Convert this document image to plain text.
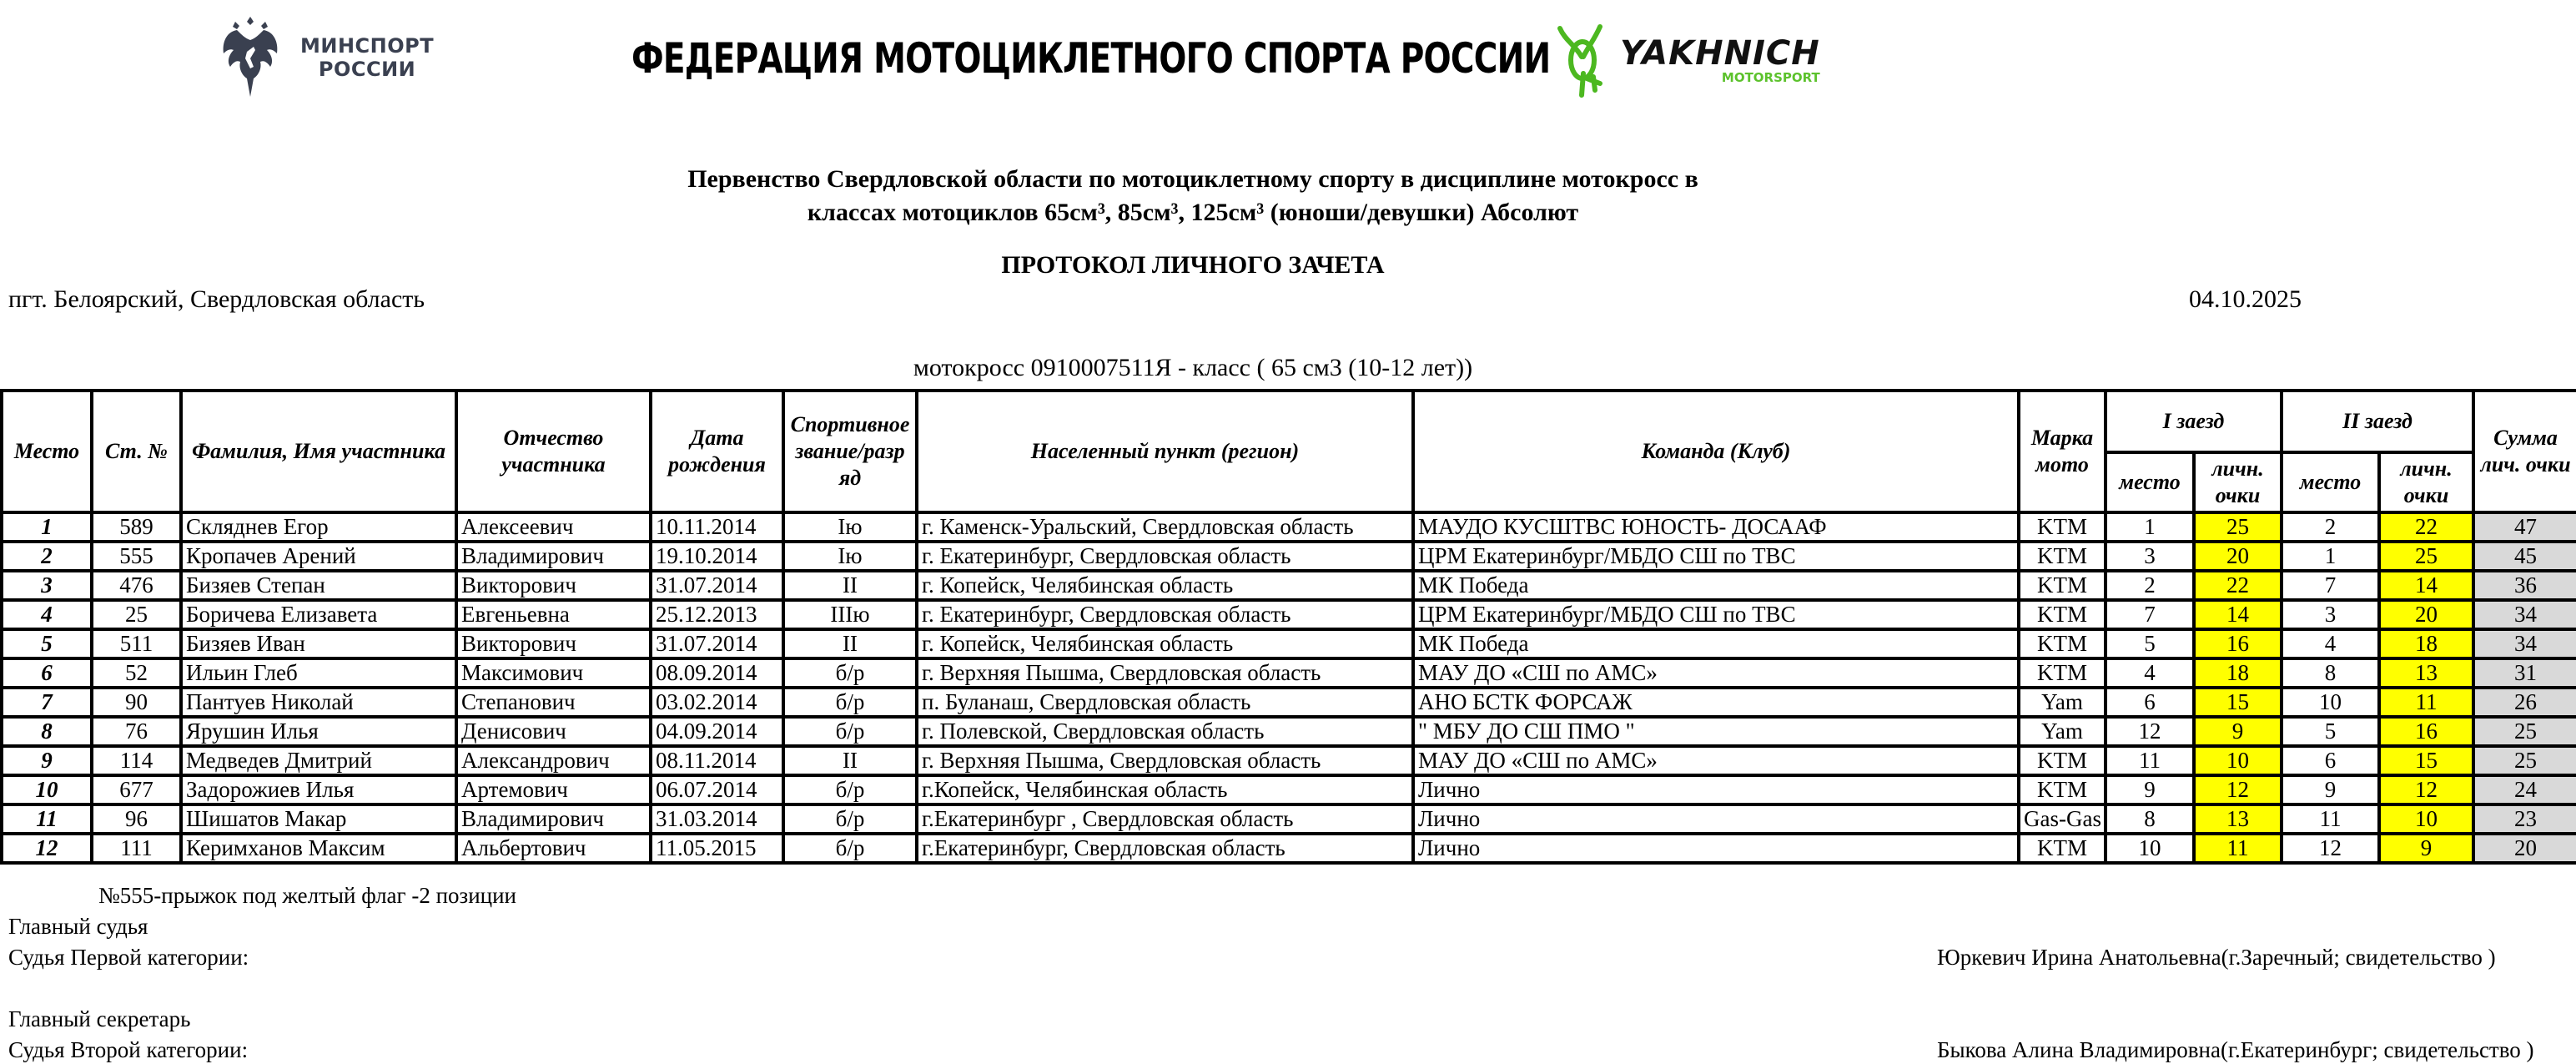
МИНСПОРТ
РОССИИ	ФЕДЕРАЦИЯ МОТОЦИКЛЕТНОГО СПОРТА РОССИИ YAKHNICH
MOTORSPORT
Первенство Свердловской области по мотоциклетному спорту в дисциплине мотокросс в
классах мотоциклов 65см³, 85см³, 125см³ (юноши/девушки) Абсолют
ПРОТОКОЛ ЛИЧНОГО ЗАЧЕТА
пгт. Белоярский, Свердловская область	04.10.2025
мотокросс 0910007511Я - класс ( 65 см3 (10-12 лет))
Место	Ст. №	Фамилия, Имя участника	Отчество участника	Дата рождения	Спортивное звание/разр яд	Населенный пункт (регион)	Команда (Клуб)	Марка мото	I заезд		II заезд		Сумма лич. очки
									место	личн. очки	место	личн. очки	
1	589	Скляднев Егор	Алексеевич	10.11.2014	Iю	г. Каменск-Уральский, Свердловская область	МАУДО КУСШТВС ЮНОСТЬ- ДОСААФ	KTM	1	25	2	22	47
2	555	Кропачев Арений	Владимирович	19.10.2014	Iю	г. Екатеринбург, Свердловская область	ЦРМ Екатеринбург/МБДО СШ по ТВС	KTM	3	20	1	25	45
3	476	Бизяев Степан	Викторович	31.07.2014	II	г. Копейск, Челябинская область	МК Победа	KTM	2	22	7	14	36
4	25	Боричева Елизавета	Евгеньевна	25.12.2013	IIIю	г. Екатеринбург, Свердловская область	ЦРМ Екатеринбург/МБДО СШ по ТВС	KTM	7	14	3	20	34
5	511	Бизяев Иван	Викторович	31.07.2014	II	г. Копейск, Челябинская область	МК Победа	KTM	5	16	4	18	34
6	52	Ильин Глеб	Максимович	08.09.2014	б/р	г. Верхняя Пышма, Свердловская область	МАУ ДО «СШ по АМС»	KTM	4	18	8	13	31
7	90	Пантуев Николай	Степанович	03.02.2014	б/р	п. Буланаш, Свердловская область	АНО БСТК ФОРСАЖ	Yam	6	15	10	11	26
8	76	Ярушин Илья	Денисович	04.09.2014	б/р	г. Полевской, Свердловская область	" МБУ ДО СШ ПМО "	Yam	12	9	5	16	25
9	114	Медведев Дмитрий	Александрович	08.11.2014	II	г. Верхняя Пышма, Свердловская область	МАУ ДО «СШ по АМС»	KTM	11	10	6	15	25
10	677	Задорожиев Илья	Артемович	06.07.2014	б/р	г.Копейск, Челябинская область	Лично	KTM	9	12	9	12	24
11	96	Шишатов Макар	Владимирович	31.03.2014	б/р	г.Екатеринбург , Свердловская область	Лично	Gas-Gas	8	13	11	10	23
12	111	Керимханов Максим	Альбертович	11.05.2015	б/р	г.Екатеринбург, Свердловская область	Лично	KTM	10	11	12	9	20
№555-прыжок под желтый флаг -2 позиции
Главный судья
Судья Первой категории:	Юркевич Ирина Анатольевна(г.Заречный; свидетельство )
Главный секретарь
Судья Второй категории:	Быкова Алина Владимировна(г.Екатеринбург; свидетельство )
